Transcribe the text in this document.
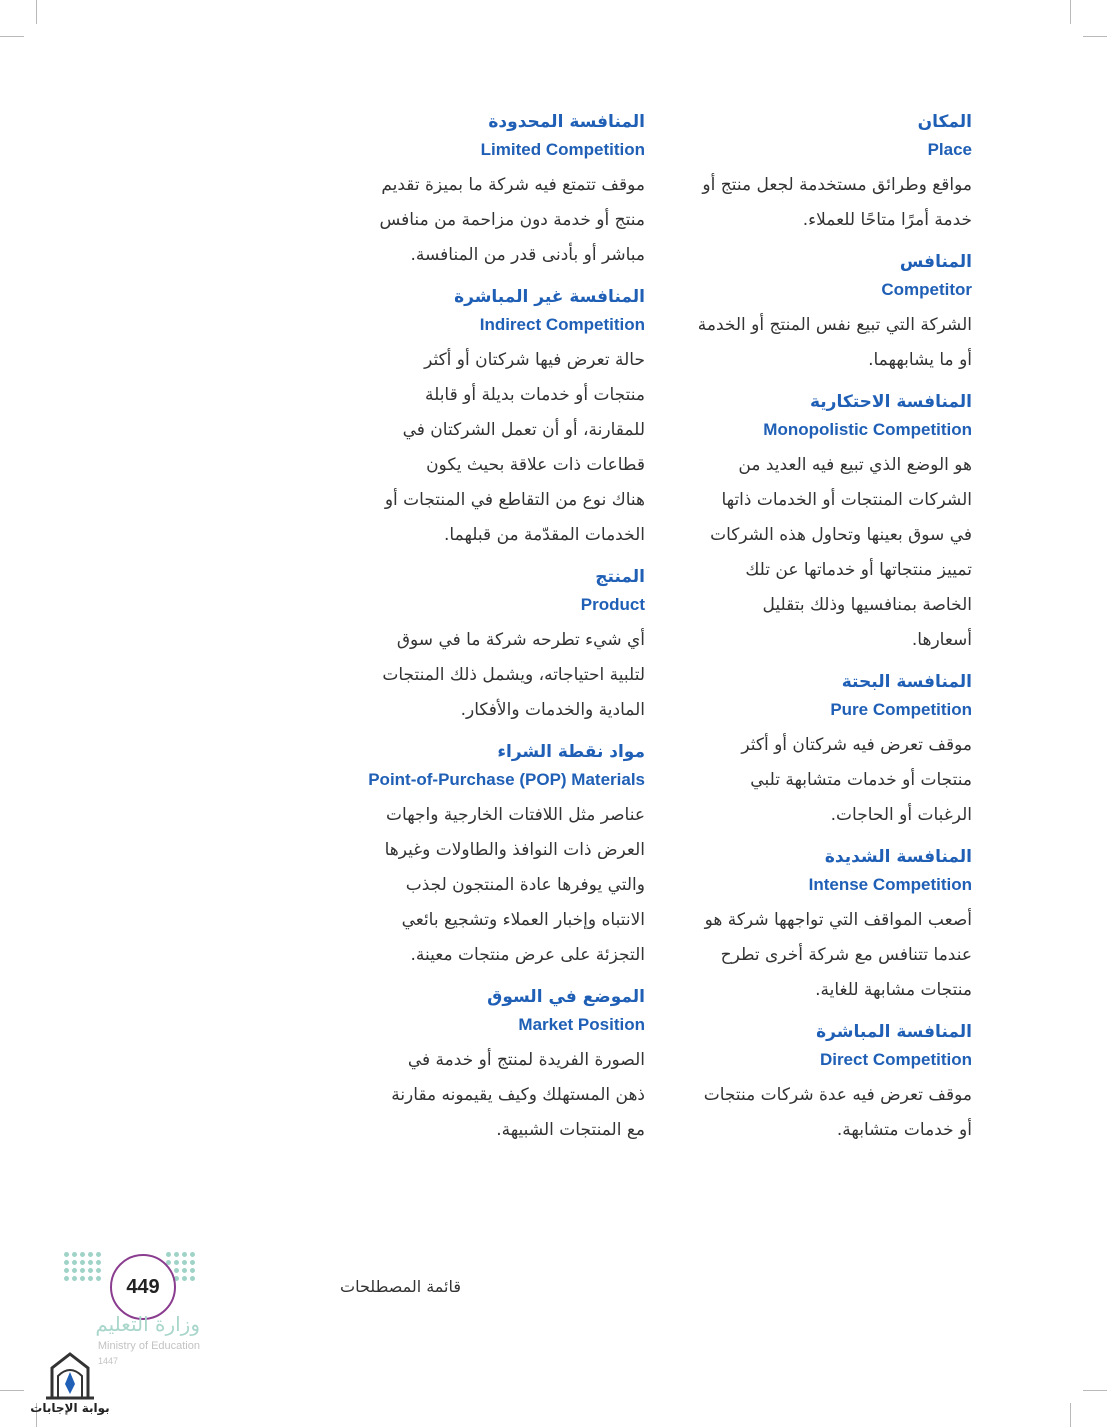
المكان
Place
مواقع وطرائق مستخدمة لجعل منتج أو
خدمة أمرًا متاحًا للعملاء.
المنافس
Competitor
الشركة التي تبيع نفس المنتج أو الخدمة
أو ما يشابههما.
المنافسة الاحتكارية
Monopolistic Competition
هو الوضع الذي تبيع فيه العديد من
الشركات المنتجات أو الخدمات ذاتها
في سوق بعينها وتحاول هذه الشركات
تمييز منتجاتها أو خدماتها عن تلك
الخاصة بمنافسيها وذلك بتقليل
أسعارها.
المنافسة البحتة
Pure Competition
موقف تعرض فيه شركتان أو أكثر
منتجات أو خدمات متشابهة تلبي
الرغبات أو الحاجات.
المنافسة الشديدة
Intense Competition
أصعب المواقف التي تواجهها شركة هو
عندما تتنافس مع شركة أخرى تطرح
منتجات مشابهة للغاية.
المنافسة المباشرة
Direct Competition
موقف تعرض فيه عدة شركات منتجات
أو خدمات متشابهة.
المنافسة المحدودة
Limited Competition
موقف تتمتع فيه شركة ما بميزة تقديم
منتج أو خدمة دون مزاحمة من منافس
مباشر أو بأدنى قدر من المنافسة.
المنافسة غير المباشرة
Indirect Competition
حالة تعرض فيها شركتان أو أكثر
منتجات أو خدمات بديلة أو قابلة
للمقارنة، أو أن تعمل الشركتان في
قطاعات ذات علاقة بحيث يكون
هناك نوع من التقاطع في المنتجات أو
الخدمات المقدّمة من قبلهما.
المنتج
Product
أي شيء تطرحه شركة ما في سوق
لتلبية احتياجاته، ويشمل ذلك المنتجات
المادية والخدمات والأفكار.
مواد نقطة الشراء
Point-of-Purchase (POP) Materials
عناصر مثل اللافتات الخارجية واجهات
العرض ذات النوافذ والطاولات وغيرها
والتي يوفرها عادة المنتجون لجذب
الانتباه وإخبار العملاء وتشجيع بائعي
التجزئة على عرض منتجات معينة.
الموضع في السوق
Market Position
الصورة الفريدة لمنتج أو خدمة في
ذهن المستهلك وكيف يقيمونه مقارنة
مع المنتجات الشبيهة.
قائمة المصطلحات
449
وزارة التعليم
Ministry of Education
1447
بوابة الإجابات
